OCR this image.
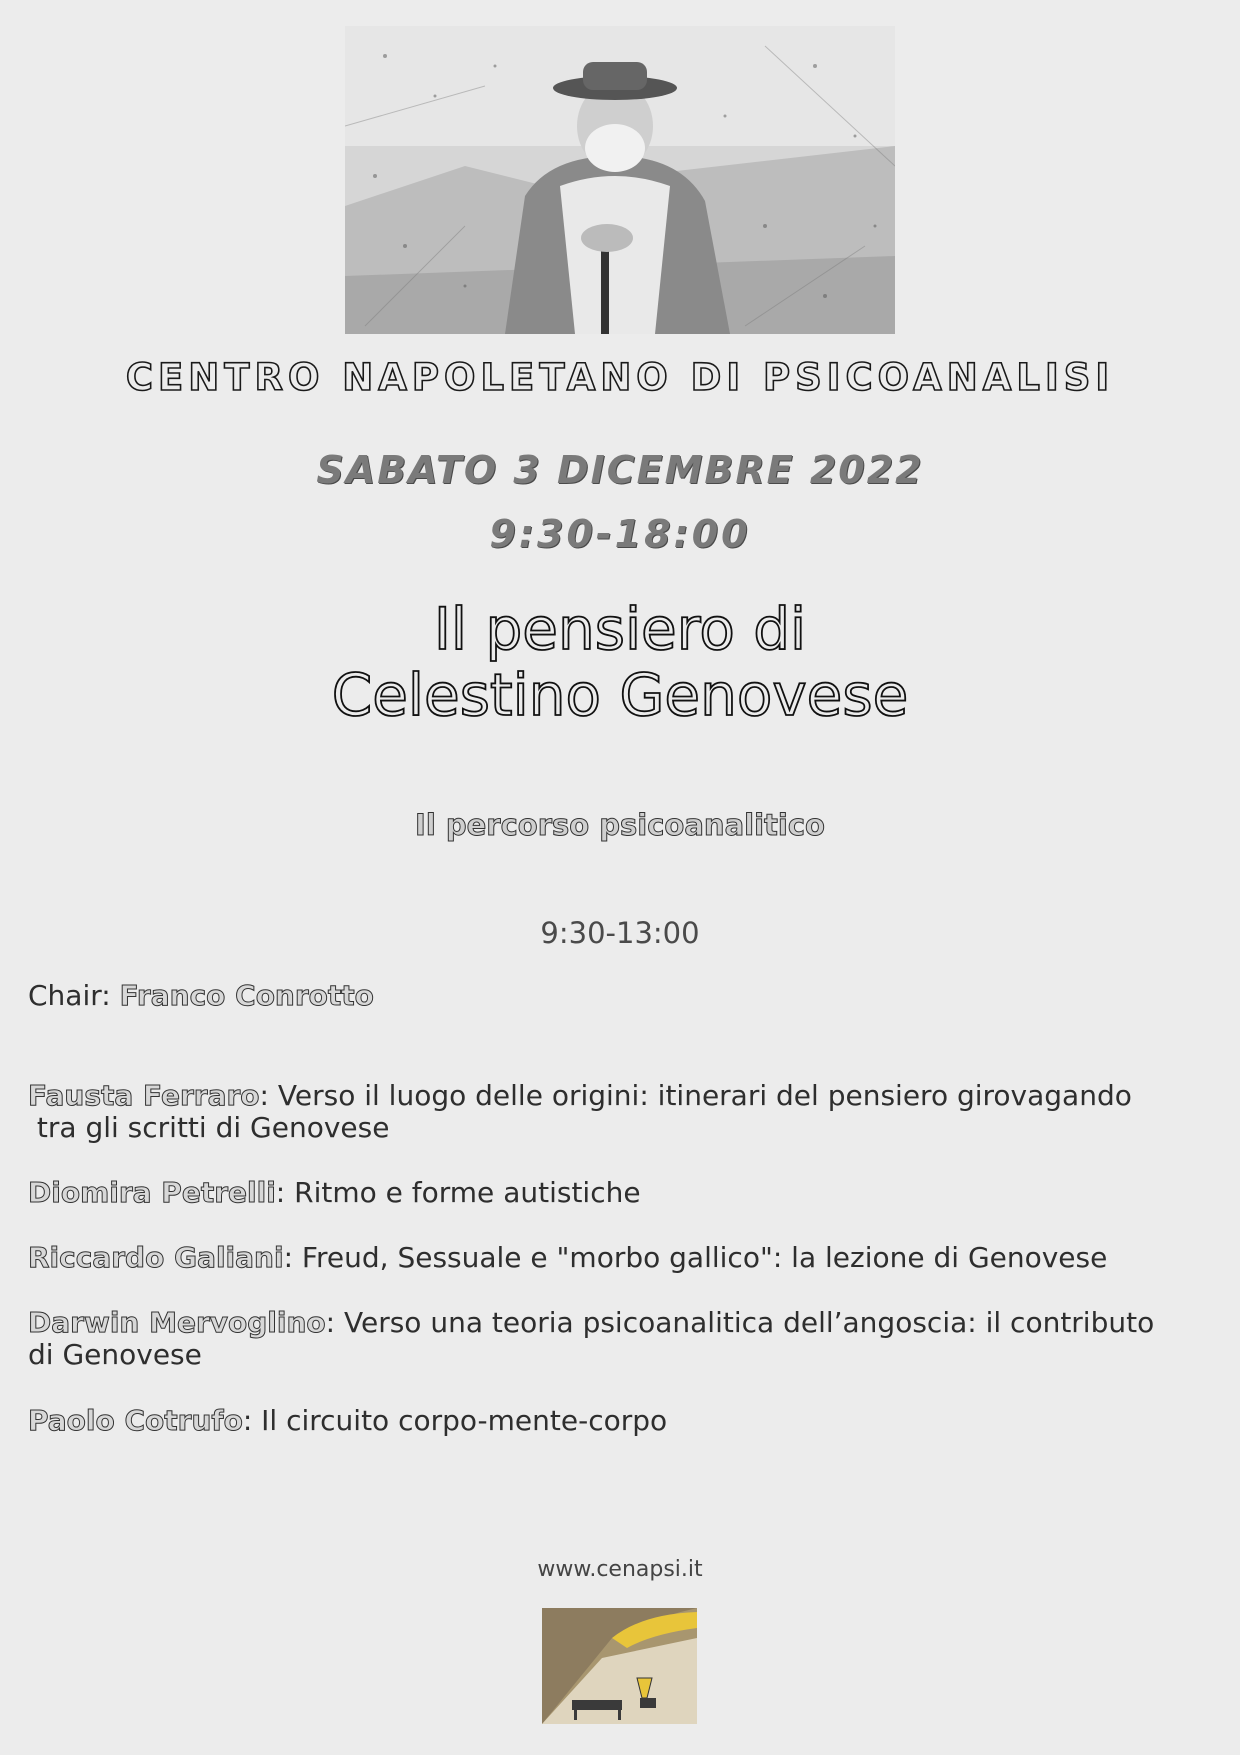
CENTRO NAPOLETANO DI PSICOANALISI
SABATO 3 DICEMBRE 2022
9:30-18:00
Il pensiero di
Celestino Genovese
Il percorso psicoanalitico
9:30-13:00
Chair: Franco Conrotto
Fausta Ferraro: Verso il luogo delle origini: itinerari del pensiero girovagando
tra gli scritti di Genovese
Diomira Petrelli: Ritmo e forme autistiche
Riccardo Galiani: Freud, Sessuale e "morbo gallico": la lezione di Genovese
Darwin Mervoglino: Verso una teoria psicoanalitica dell’angoscia: il contributo
di Genovese
Paolo Cotrufo: Il circuito corpo-mente-corpo
www.cenapsi.it
